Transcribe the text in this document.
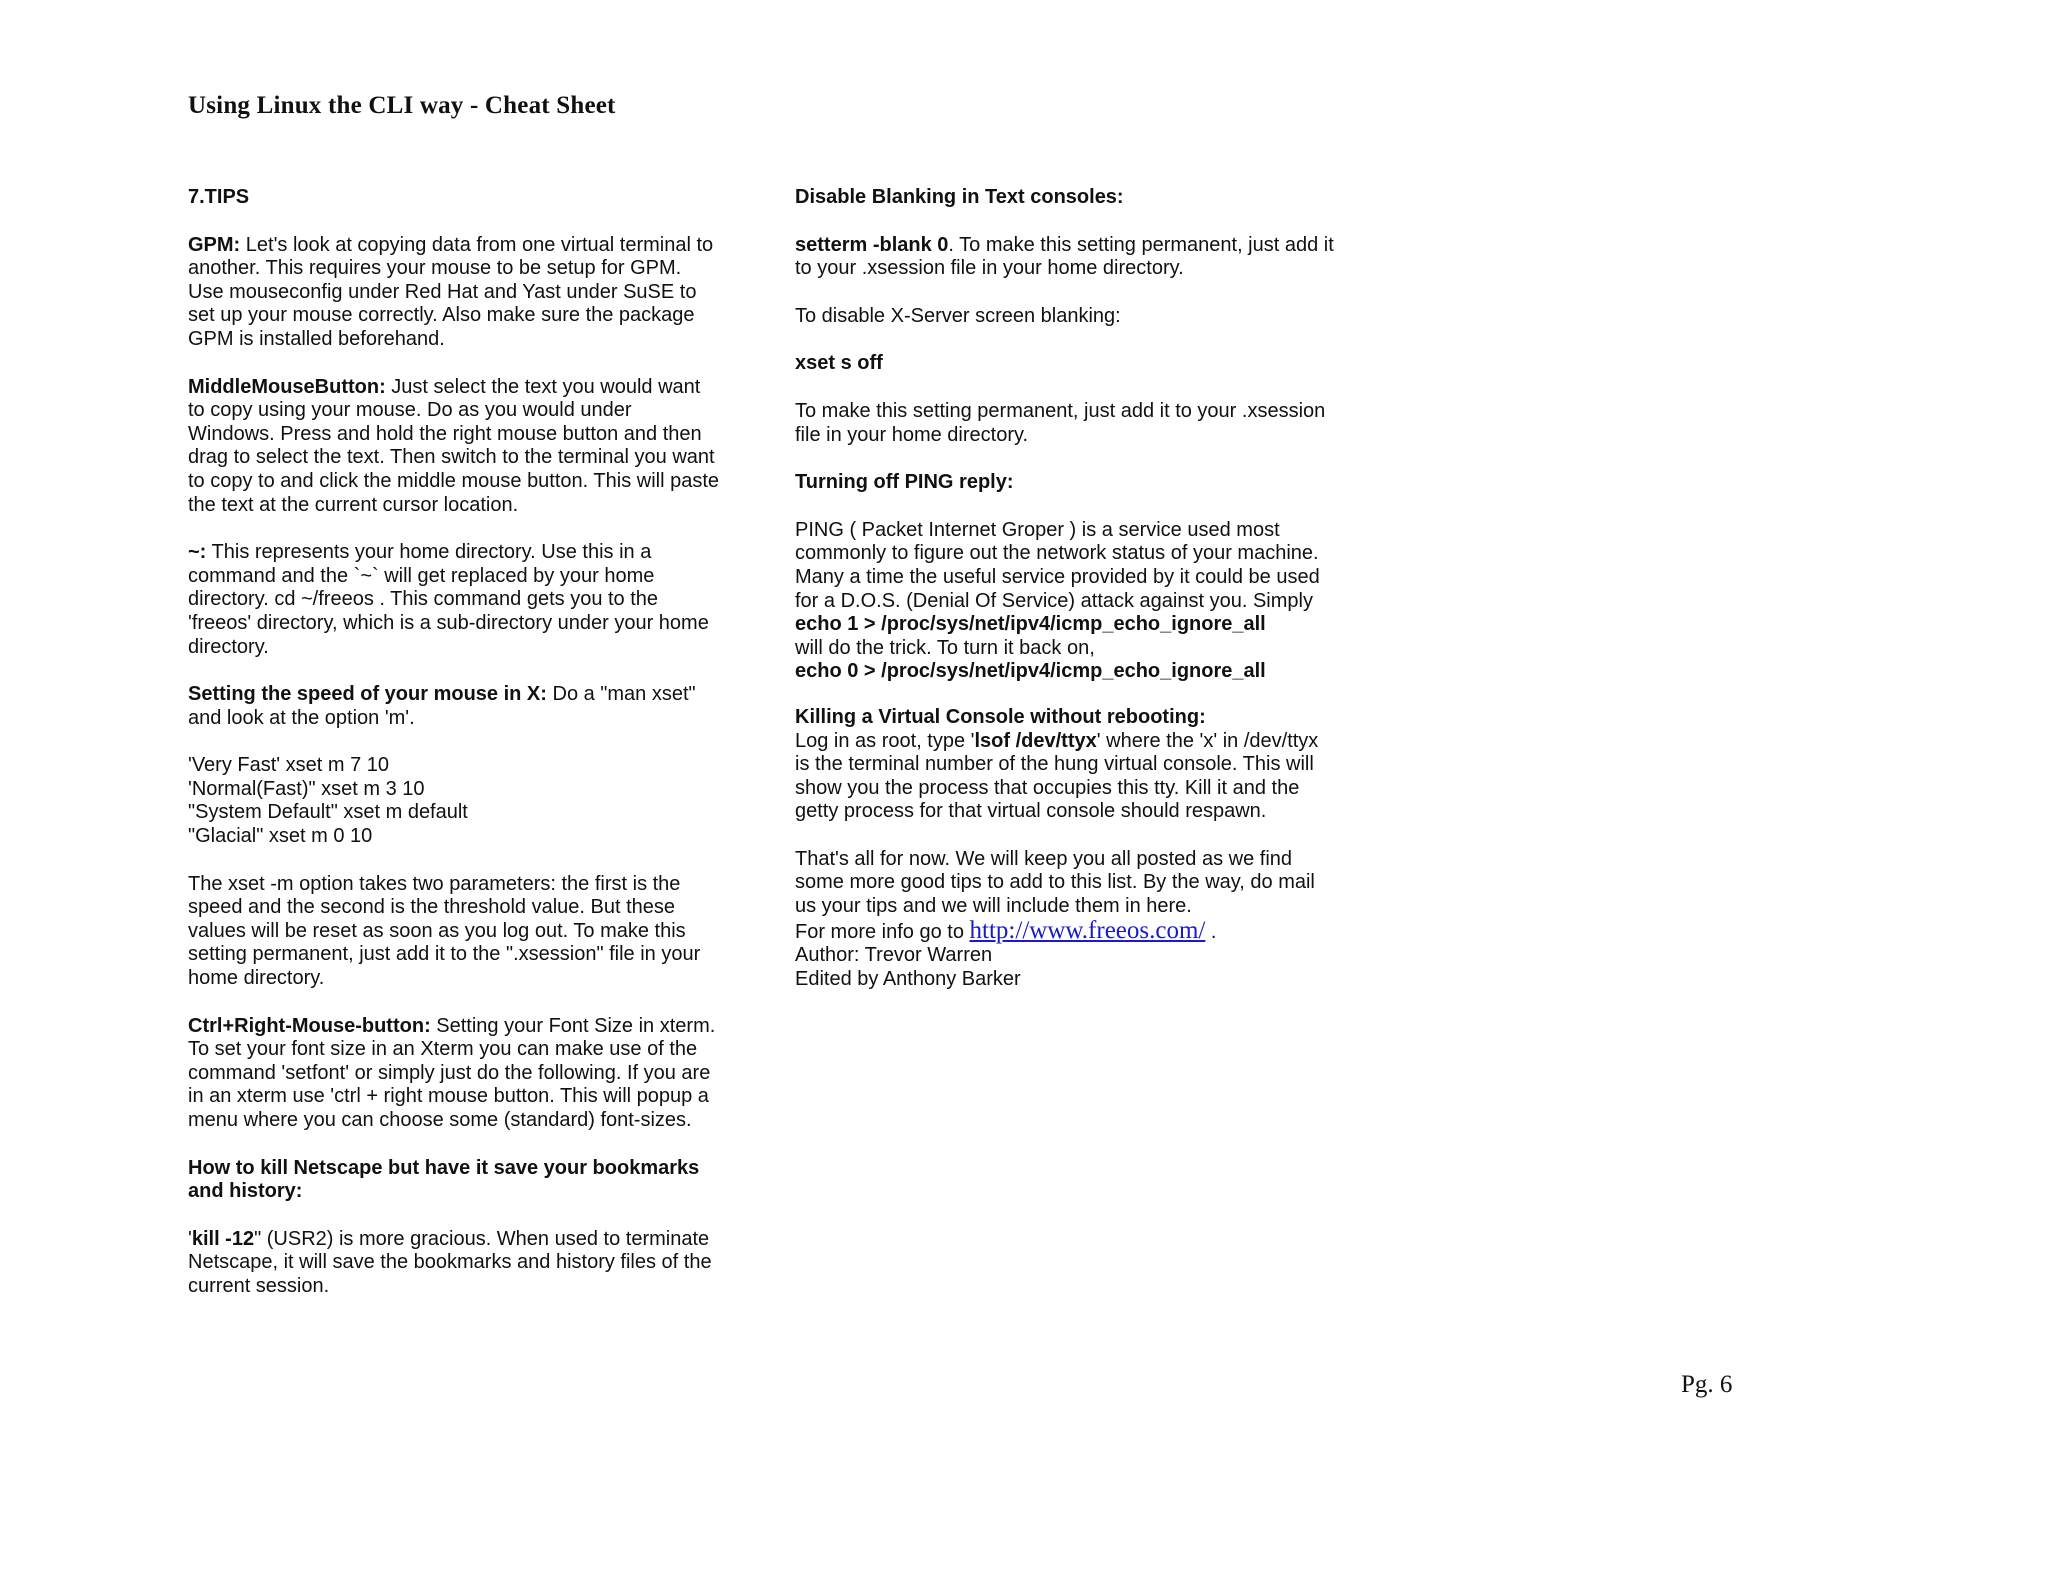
Using Linux the CLI way - Cheat Sheet

7.TIPS

GPM: Let's look at copying data from one virtual terminal to another. This requires your mouse to be setup for GPM. Use mouseconfig under Red Hat and Yast under SuSE to set up your mouse correctly. Also make sure the package GPM is installed beforehand.

MiddleMouseButton: Just select the text you would want to copy using your mouse. Do as you would under Windows. Press and hold the right mouse button and then drag to select the text. Then switch to the terminal you want to copy to and click the middle mouse button. This will paste the text at the current cursor location.

~: This represents your home directory. Use this in a command and the `~` will get replaced by your home directory. cd ~/freeos . This command gets you to the 'freeos' directory, which is a sub-directory under your home directory.

Setting the speed of your mouse in X: Do a "man xset" and look at the option 'm'.

'Very Fast' xset m 7 10

'Normal(Fast)" xset m 3 10

"System Default" xset m default

"Glacial" xset m 0 10

The xset -m option takes two parameters: the first is the speed and the second is the threshold value. But these values will be reset as soon as you log out. To make this setting permanent, just add it to the ".xsession" file in your home directory.

Ctrl+Right-Mouse-button: Setting your Font Size in xterm. To set your font size in an Xterm you can make use of the command 'setfont' or simply just do the following. If you are in an xterm use 'ctrl + right mouse button. This will popup a menu where you can choose some (standard) font-sizes.

How to kill Netscape but have it save your bookmarks and history:

'kill -12" (USR2) is more gracious. When used to terminate Netscape, it will save the bookmarks and history files of the current session.

Disable Blanking in Text consoles:

setterm -blank 0. To make this setting permanent, just add it to your .xsession file in your home directory.

To disable X-Server screen blanking:

xset s off

To make this setting permanent, just add it to your .xsession file in your home directory.

Turning off PING reply:

PING ( Packet Internet Groper ) is a service used most commonly to figure out the network status of your machine. Many a time the useful service provided by it could be used for a D.O.S. (Denial Of Service) attack against you. Simply

echo 1 > /proc/sys/net/ipv4/icmp_echo_ignore_all

will do the trick. To turn it back on,

echo 0 > /proc/sys/net/ipv4/icmp_echo_ignore_all

Killing a Virtual Console without rebooting:

Log in as root, type 'lsof /dev/ttyx' where the 'x' in /dev/ttyx is the terminal number of the hung virtual console. This will show you the process that occupies this tty. Kill it and the getty process for that virtual console should respawn.

That's all for now. We will keep you all posted as we find some more good tips to add to this list. By the way, do mail us your tips and we will include them in here.

For more info go to http://www.freeos.com/ .

Author: Trevor Warren

Edited by Anthony Barker

Pg. 6
